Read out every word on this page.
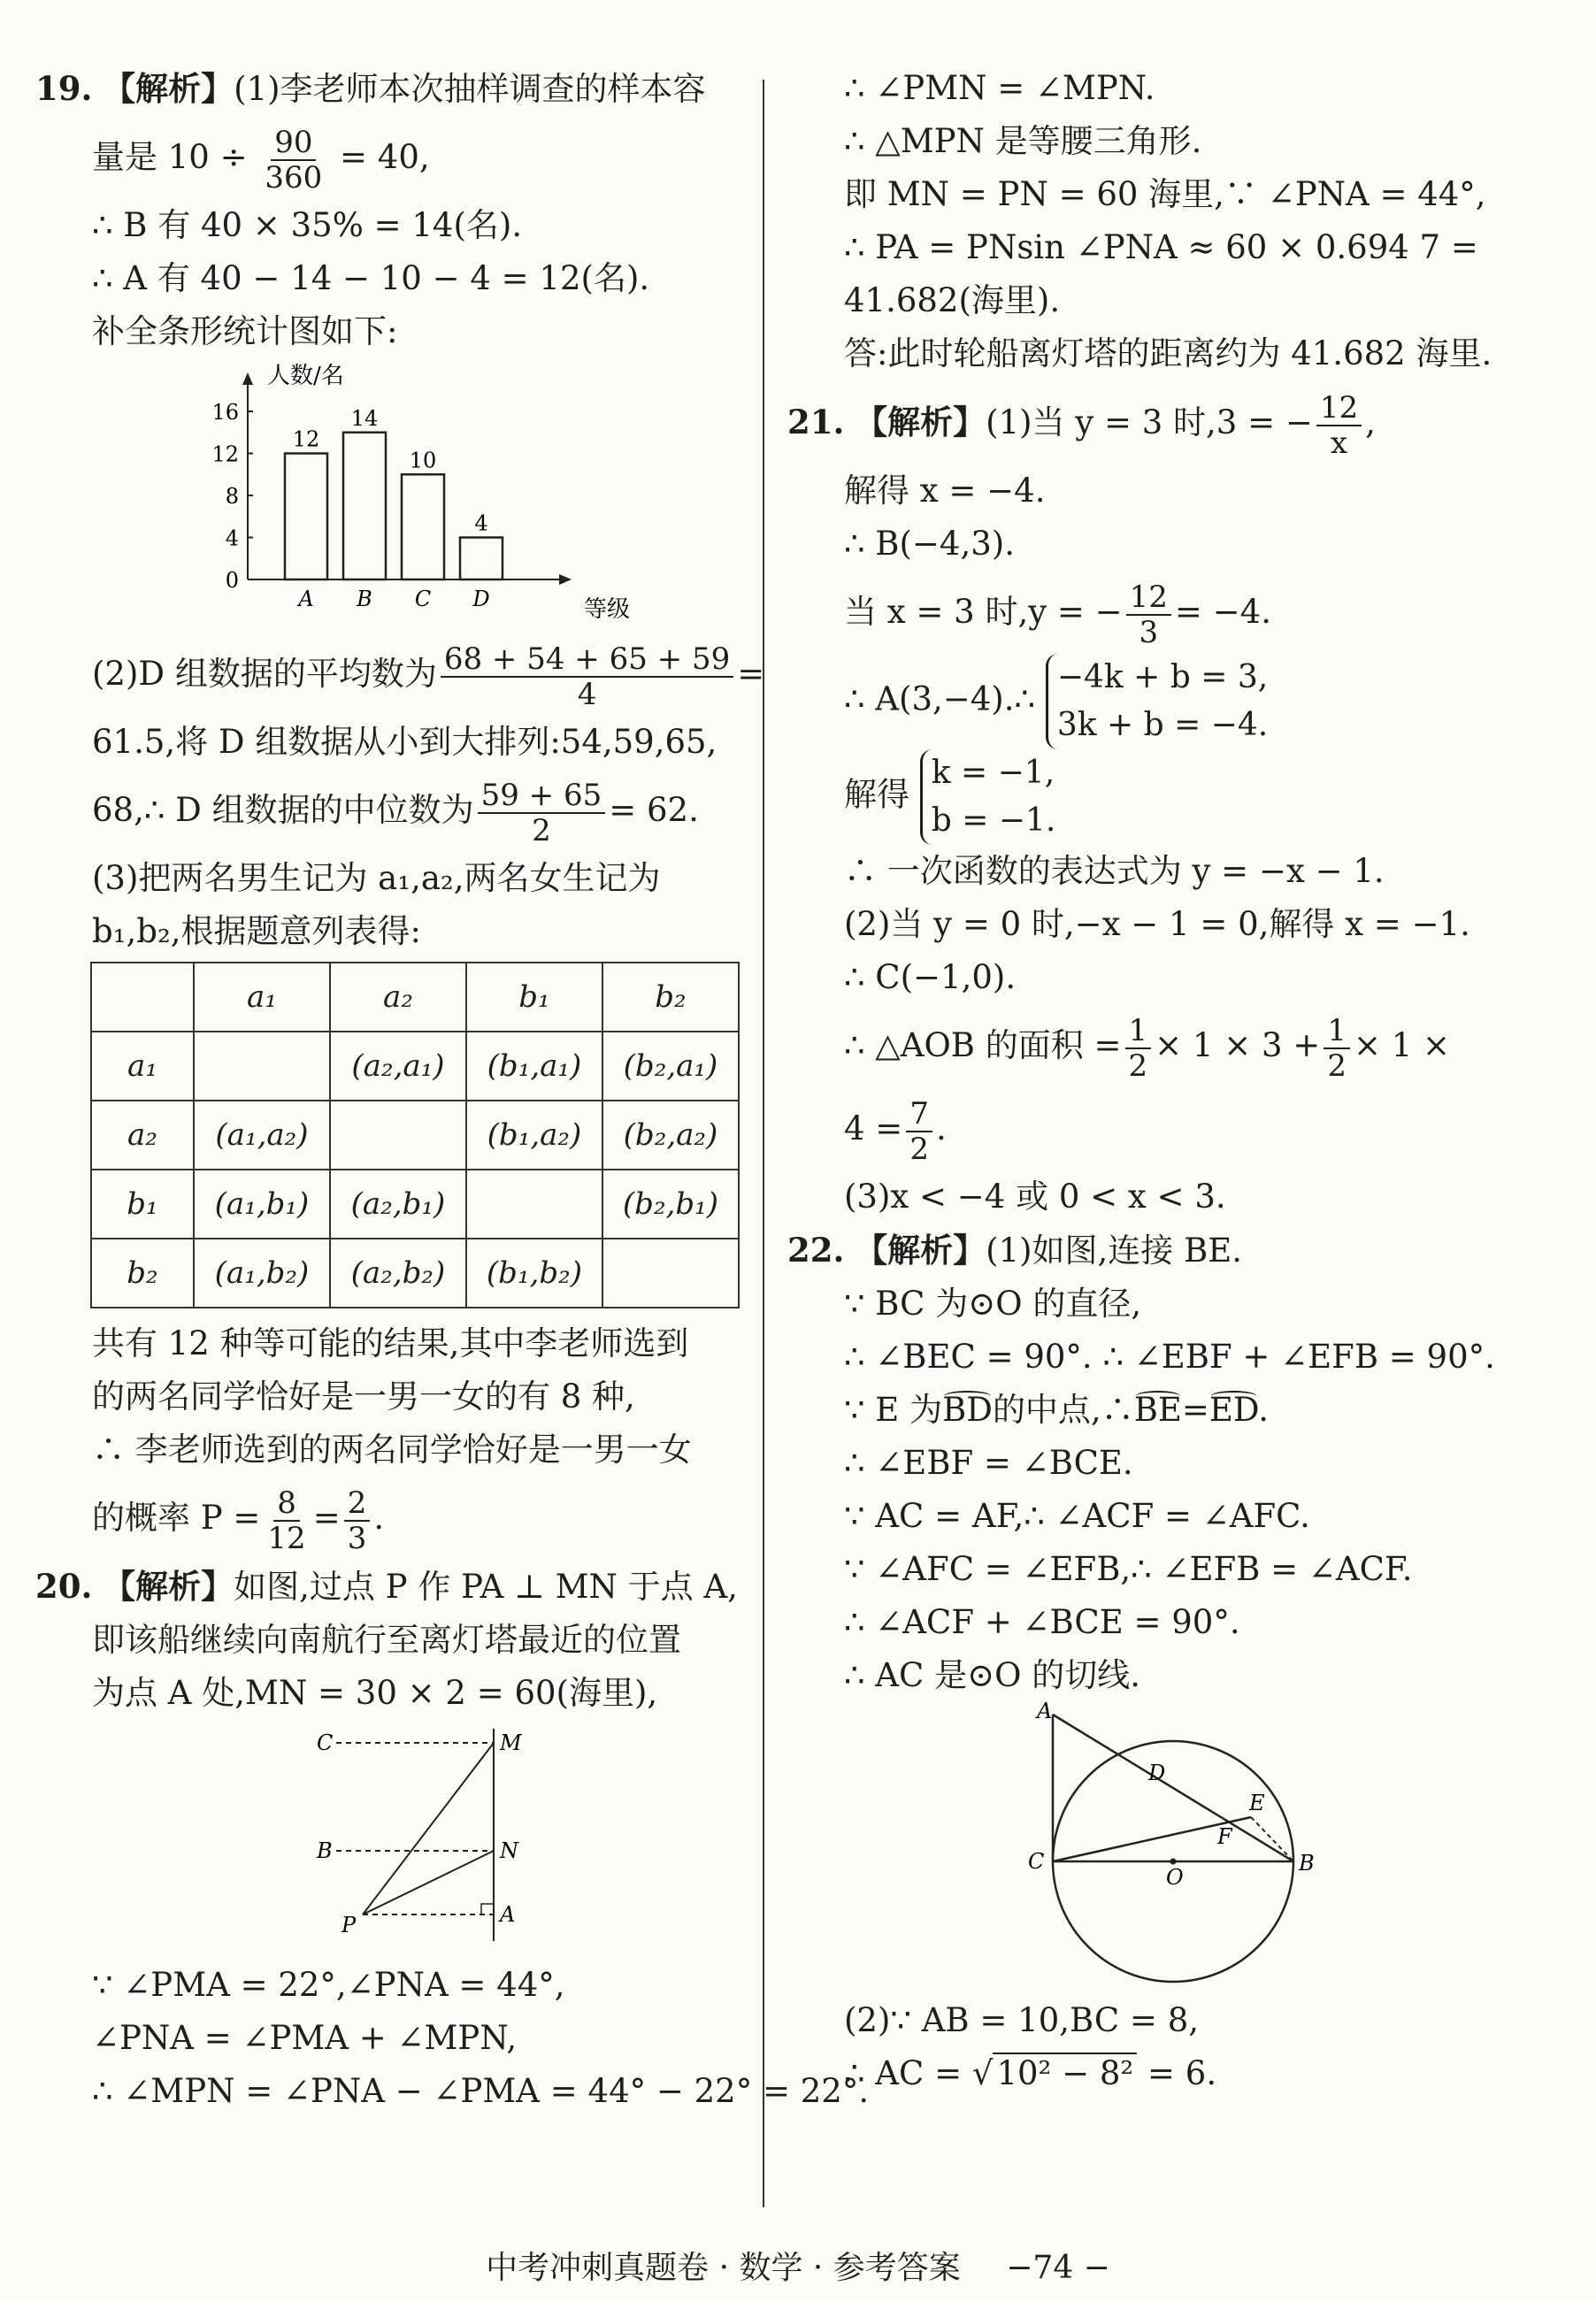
19. 【解析】(1)李老师本次抽样调查的样本容
量是 $10 \div \frac{90}{360} = 40$,
∴ B 有 40 × 35% = 14(名).
∴ A 有 40 − 14 − 10 − 4 = 12(名).
补全条形统计图如下:
人数/名
等级
0
4
8
12
16
12
A
14
B
10
C
4
D
(2)D 组数据的平均数为 $\frac{68 + 54 + 65 + 59}{4}$ =
61.5,将 D 组数据从小到大排列:54,59,65,
68,∴ D 组数据的中位数为 $\frac{59 + 65}{2} = 62$.
(3)把两名男生记为 a₁,a₂,两名女生记为
b₁,b₂,根据题意列表得:
	a₁	a₂	b₁	b₂
a₁		(a₂,a₁)	(b₁,a₁)	(b₂,a₁)
a₂	(a₁,a₂)		(b₁,a₂)	(b₂,a₂)
b₁	(a₁,b₁)	(a₂,b₁)		(b₂,b₁)
b₂	(a₁,b₂)	(a₂,b₂)	(b₁,b₂)	
共有 12 种等可能的结果,其中李老师选到
的两名同学恰好是一男一女的有 8 种,
∴ 李老师选到的两名同学恰好是一男一女
的概率 $P = \frac{8}{12} = \frac{2}{3}$ .
20. 【解析】如图,过点 P 作 PA ⊥ MN 于点 A,
即该船继续向南航行至离灯塔最近的位置
为点 A 处,MN = 30 × 2 = 60(海里),
C	M
B	N
P	A
∵ ∠PMA = 22°,∠PNA = 44°,
∠PNA = ∠PMA + ∠MPN,
∴ ∠MPN = ∠PNA − ∠PMA = 44° − 22° = 22°.
∴ ∠PMN = ∠MPN.
∴ △MPN 是等腰三角形.
即 MN = PN = 60 海里,∵ ∠PNA = 44°,
∴ PA = PNsin ∠PNA ≈ 60 × 0.694 7 =
41.682(海里).
答:此时轮船离灯塔的距离约为 41.682 海里.
21. 【解析】(1)当 y = 3 时,3 = − $\frac{12}{x}$ ,
解得 x = −4.
∴ B(−4,3).
当 x = 3 时,y = − $\frac{12}{3} = -4$.
∴ A(3,−4).∴
−4k + b = 3,
3k + b = −4.
解得
k = −1,
b = −1.
∴ 一次函数的表达式为 y = −x − 1.
(2)当 y = 0 时,−x − 1 = 0,解得 x = −1.
∴ C(−1,0).
∴ △AOB 的面积 = $\frac{1}{2} \times 1 \times 3 + \frac{1}{2} \times 1$ ×
$4 = \frac{7}{2}$ .
(3)x < −4 或 0 < x < 3.
22. 【解析】(1)如图,连接 BE.
∵ BC 为⊙O 的直径,
∴ ∠BEC = 90°. ∴ ∠EBF + ∠EFB = 90°.
∵ E 为BD的中点,∴BE=ED.
∴ ∠EBF = ∠BCE.
∵ AC = AF,∴ ∠ACF = ∠AFC.
∵ ∠AFC = ∠EFB,∴ ∠EFB = ∠ACF.
∴ ∠ACF + ∠BCE = 90°.
∴ AC 是⊙O 的切线.
A
D
E
F
C
O
B
(2)∵ AB = 10,BC = 8,
∴ AC = √ 10² − 8² = 6.
中考冲刺真题卷 · 数学 · 参考答案 −74 −
